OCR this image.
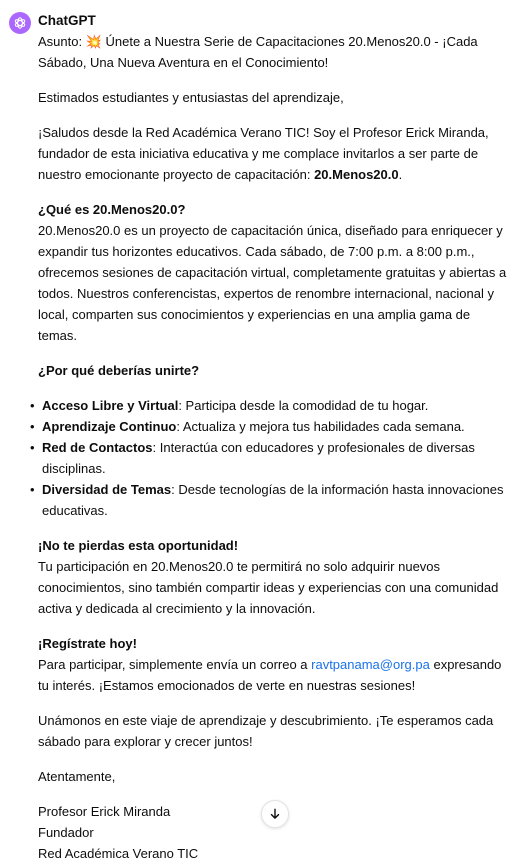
ChatGPT

Asunto: 💥 Únete a Nuestra Serie de Capacitaciones 20.Menos20.0 - ¡Cada Sábado, Una Nueva Aventura en el Conocimiento!

Estimados estudiantes y entusiastas del aprendizaje,

¡Saludos desde la Red Académica Verano TIC! Soy el Profesor Erick Miranda, fundador de esta iniciativa educativa y me complace invitarlos a ser parte de nuestro emocionante proyecto de capacitación: 20.Menos20.0.

¿Qué es 20.Menos20.0?
20.Menos20.0 es un proyecto de capacitación única, diseñado para enriquecer y expandir tus horizontes educativos. Cada sábado, de 7:00 p.m. a 8:00 p.m., ofrecemos sesiones de capacitación virtual, completamente gratuitas y abiertas a todos. Nuestros conferencistas, expertos de renombre internacional, nacional y local, comparten sus conocimientos y experiencias en una amplia gama de temas.

¿Por qué deberías unirte?

• Acceso Libre y Virtual: Participa desde la comodidad de tu hogar.
• Aprendizaje Continuo: Actualiza y mejora tus habilidades cada semana.
• Red de Contactos: Interactúa con educadores y profesionales de diversas disciplinas.
• Diversidad de Temas: Desde tecnologías de la información hasta innovaciones educativas.

¡No te pierdas esta oportunidad!
Tu participación en 20.Menos20.0 te permitirá no solo adquirir nuevos conocimientos, sino también compartir ideas y experiencias con una comunidad activa y dedicada al crecimiento y la innovación.

¡Regístrate hoy!
Para participar, simplemente envía un correo a ravtpanama@org.pa expresando tu interés. ¡Estamos emocionados de verte en nuestras sesiones!

Unámonos en este viaje de aprendizaje y descubrimiento. ¡Te esperamos cada sábado para explorar y crecer juntos!

Atentamente,

Profesor Erick Miranda

Fundador

Red Académica Verano TIC
